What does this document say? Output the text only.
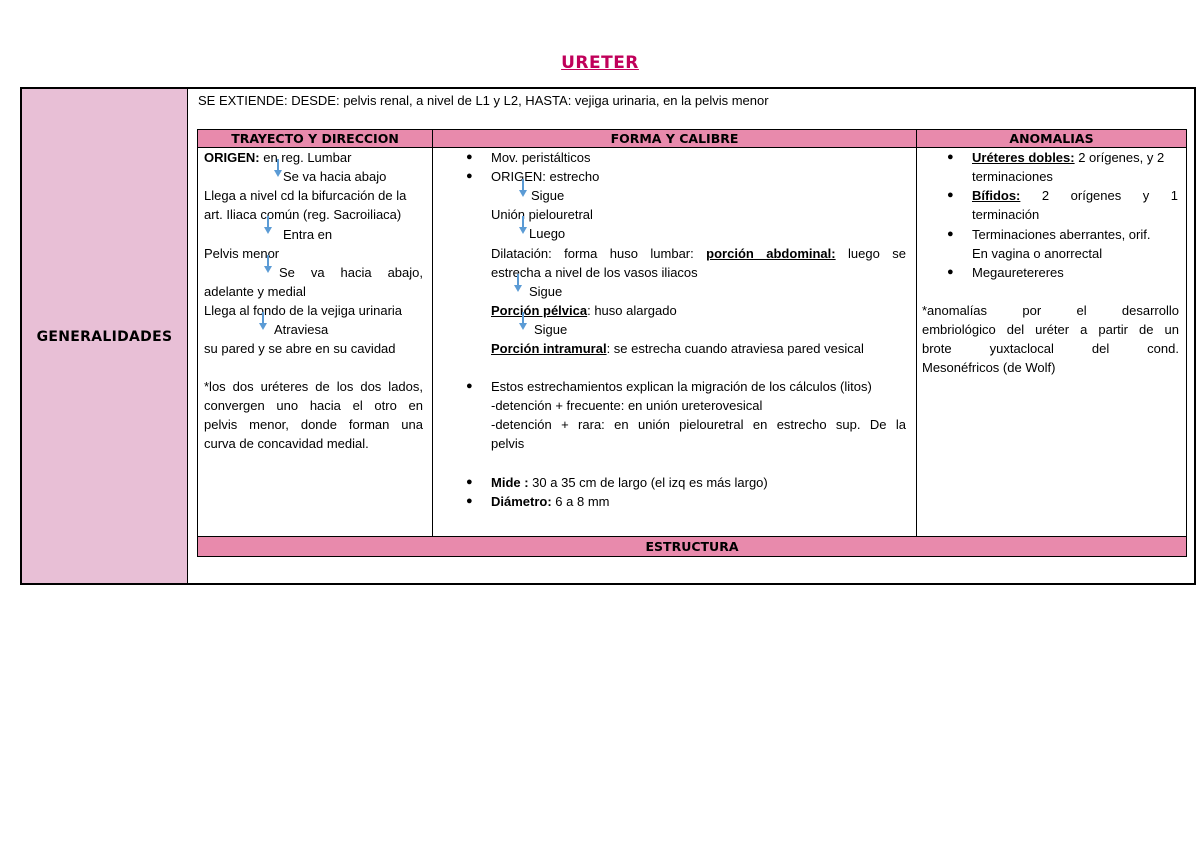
URETER
GENERALIDADES
SE EXTIENDE: DESDE: pelvis renal, a nivel de L1 y L2, HASTA: vejiga urinaria, en la pelvis menor
TRAYECTO Y DIRECCION	FORMA Y CALIBRE	ANOMALIAS
ORIGEN: en reg. Lumbar
Se va hacia abajo
Llega a nivel cd la bifurcación de la
art. Iliaca común (reg. Sacroiliaca)
Entra en
Pelvis menor
Se va hacia abajo,
adelante y medial
Llega al fondo de la vejiga urinaria
Atraviesa
su pared y se abre en su cavidad
*los dos uréteres de los dos lados,
convergen uno hacia el otro en
pelvis menor, donde forman una
curva de concavidad medial.
● Mov. peristálticos
● ORIGEN: estrecho
Sigue
Unión pielouretral
Luego
Dilatación: forma huso lumbar: porción abdominal: luego se
estrecha a nivel de los vasos iliacos
Sigue
Porción pélvica: huso alargado
Sigue
Porción intramural: se estrecha cuando atraviesa pared vesical
● Estos estrechamientos explican la migración de los cálculos (litos)
-detención + frecuente: en unión ureterovesical
-detención + rara: en unión pielouretral en estrecho sup. De la
pelvis
● Mide : 30 a 35 cm de largo (el izq es más largo)
● Diámetro: 6 a 8 mm
● Uréteres dobles: 2 orígenes, y 2
terminaciones
● Bífidos: 2 orígenes y 1
terminación
● Terminaciones aberrantes, orif.
En vagina o anorrectal
● Megauretereres
*anomalías por el desarrollo
embriológico del uréter a partir de un
brote yuxtaclocal del cond.
Mesonéfricos (de Wolf)
ESTRUCTURA
